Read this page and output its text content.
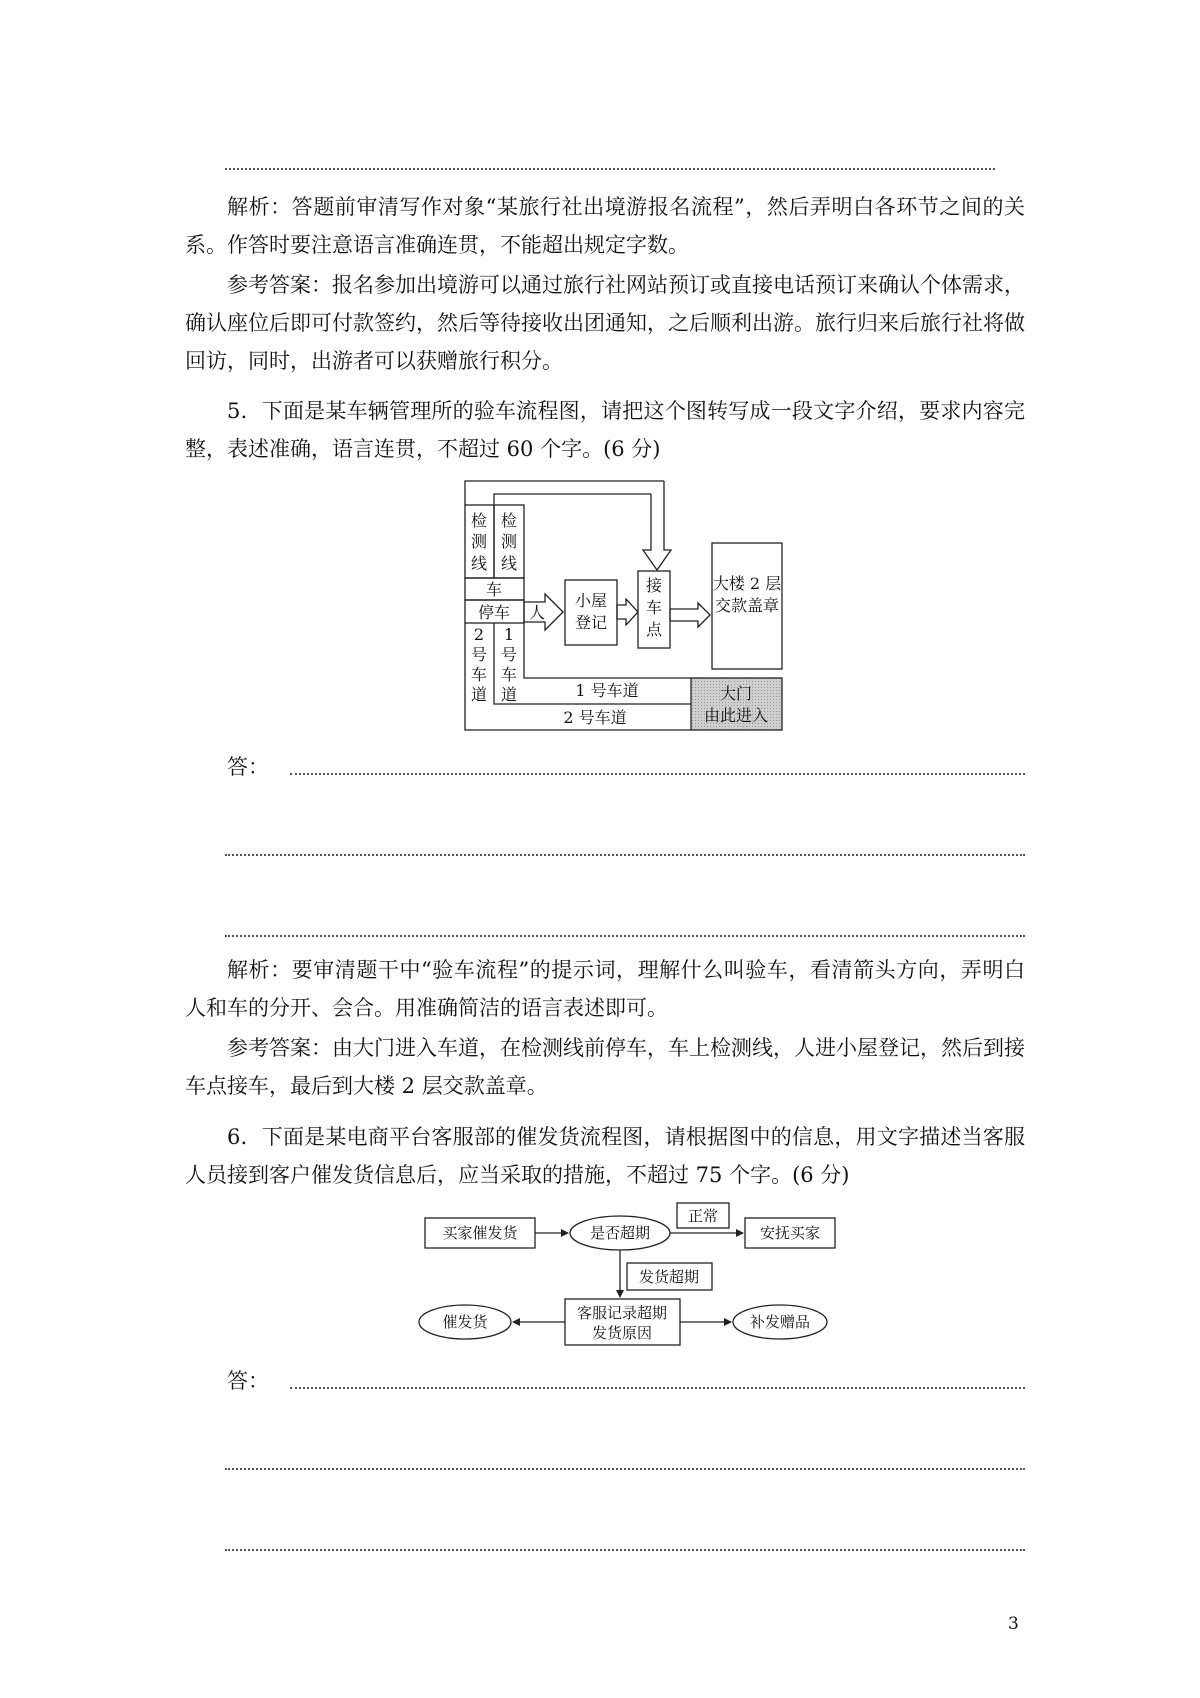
解析：答题前审清写作对象“某旅行社出境游报名流程”，然后弄明白各环节之间的关系。作答时要注意语言准确连贯，不能超出规定字数。

参考答案：报名参加出境游可以通过旅行社网站预订或直接电话预订来确认个体需求，确认座位后即可付款签约，然后等待接收出团通知，之后顺利出游。旅行归来后旅行社将做回访，同时，出游者可以获赠旅行积分。

5．下面是某车辆管理所的验车流程图，请把这个图转写成一段文字介绍，要求内容完整，表述准确，语言连贯，不超过 60 个字。(6 分)

检
测
线
检
测
线
车
停车
2
号
车
道
1
号
车
道
人
小屋
登记
接
车
点
大楼 2 层
交款盖章
1 号车道
2 号车道
大门
由此进入
答：

解析：要审清题干中“验车流程”的提示词，理解什么叫验车，看清箭头方向，弄明白人和车的分开、会合。用准确简洁的语言表述即可。

参考答案：由大门进入车道，在检测线前停车，车上检测线，人进小屋登记，然后到接车点接车，最后到大楼 2 层交款盖章。

6．下面是某电商平台客服部的催发货流程图，请根据图中的信息，用文字描述当客服人员接到客户催发货信息后，应当采取的措施，不超过 75 个字。(6 分)

买家催发货	是否超期
正常
安抚买家
发货超期
客服记录超期
发货原因
催发货	补发赠品
答：
3
